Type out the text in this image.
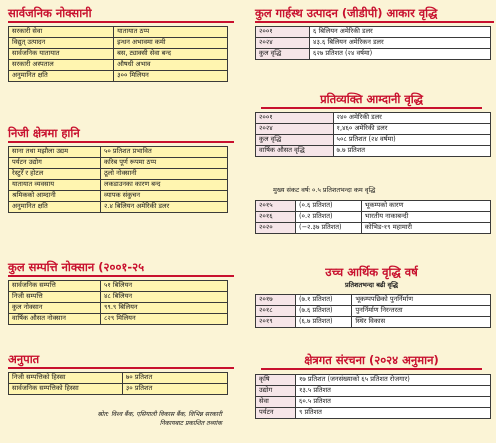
सार्वजनिक नोक्सानी
सरकारी सेवा	यातायात ठप्प
विद्युत् उत्पादन	इन्धन अभावमा कमी
सार्वजनिक यातायात	बस, ट्याक्सी सेवा बन्द
सरकारी अस्पताल	औषधी अभाव
अनुमानित क्षति	३०० मिलियन
निजी क्षेत्रमा हानि
साना तथा मझौला उद्यम	५० प्रतिशत प्रभावित
पर्यटन उद्योग	करिब पूर्ण रूपमा ठप्प
रेस्टुरेँ र होटल	ठूलो नोक्सानी
यातायात व्यवसाय	लकडाउनका कारण बन्द
श्रमिकको आम्दानी	व्यापक संकुचन
अनुमानित क्षति	२.४ बिलियन अमेरिकी डलर
कुल सम्पत्ति नोक्सान (२००१-२५
सार्वजनिक सम्पत्ति	५१ बिलियन
निजी सम्पत्ति	४८ बिलियन
कुल नोक्सान	९९.९ बिलियन
वार्षिक औसत नोक्सान	८२९ मिलियन
अनुपात
निजी सम्पत्तिको हिस्सा	७० प्रतिशत
सार्वजनिक सम्पत्तिको हिस्सा	३० प्रतिशत
स्रोत: विश्व बैंक, एसियाली विकास बैंक, विभिन्न सरकारी
निकायबाट प्रकाशित तथ्यांक
कुल गार्हस्थ उत्पादन (जीडीपी) आकार वृद्धि
२००१	६ बिलियन अमेरिकी डलर
२०२४	४३.६ बिलियन अमेरिकन डलर
कुल वृद्धि	६२७ प्रतिशत (२४ वर्षमा)
प्रतिव्यक्ति आम्दानी वृद्धि
२००१	२४० अमेरिकी डलर
२०२४	१,४६० अमेरिकी डलर
कुल वृद्धि	५०८ प्रतिशत (२४ वर्षमा)
वार्षिक औसत वृद्धि	७.७ प्रतिशत
मुख्य संकट वर्षः ०.५ प्रतिशतभन्दा कम वृद्धि
२०१५	(०.६ प्रतिशत)	भूकम्पको कारण
२०१६	(०.२ प्रतिशत)	भारतीय नाकाबन्दी
२०२०	(−२.३७ प्रतिशत)	कोभिड-१९ महामारी
उच्च आर्थिक वृद्धि वर्ष
प्रतिशतभन्दा बढी वृद्धि
२०१७	(७.१ प्रतिशत)	भूकम्पपछिको पुनर्निर्माण
२०१८	(७.६ प्रतिशत)	पुनर्निर्माण निरन्तरता
२०१९	(६.७ प्रतिशत)	स्थिर विकास
क्षेत्रगत संरचना (२०२४ अनुमान)
कृषि	१७ प्रतिशत (जनसंख्याको ६५ प्रतिशत रोजगार)
उद्योग	१३.५ प्रतिशत
सेवा	६०.५ प्रतिशत
पर्यटन	९ प्रतिशत
